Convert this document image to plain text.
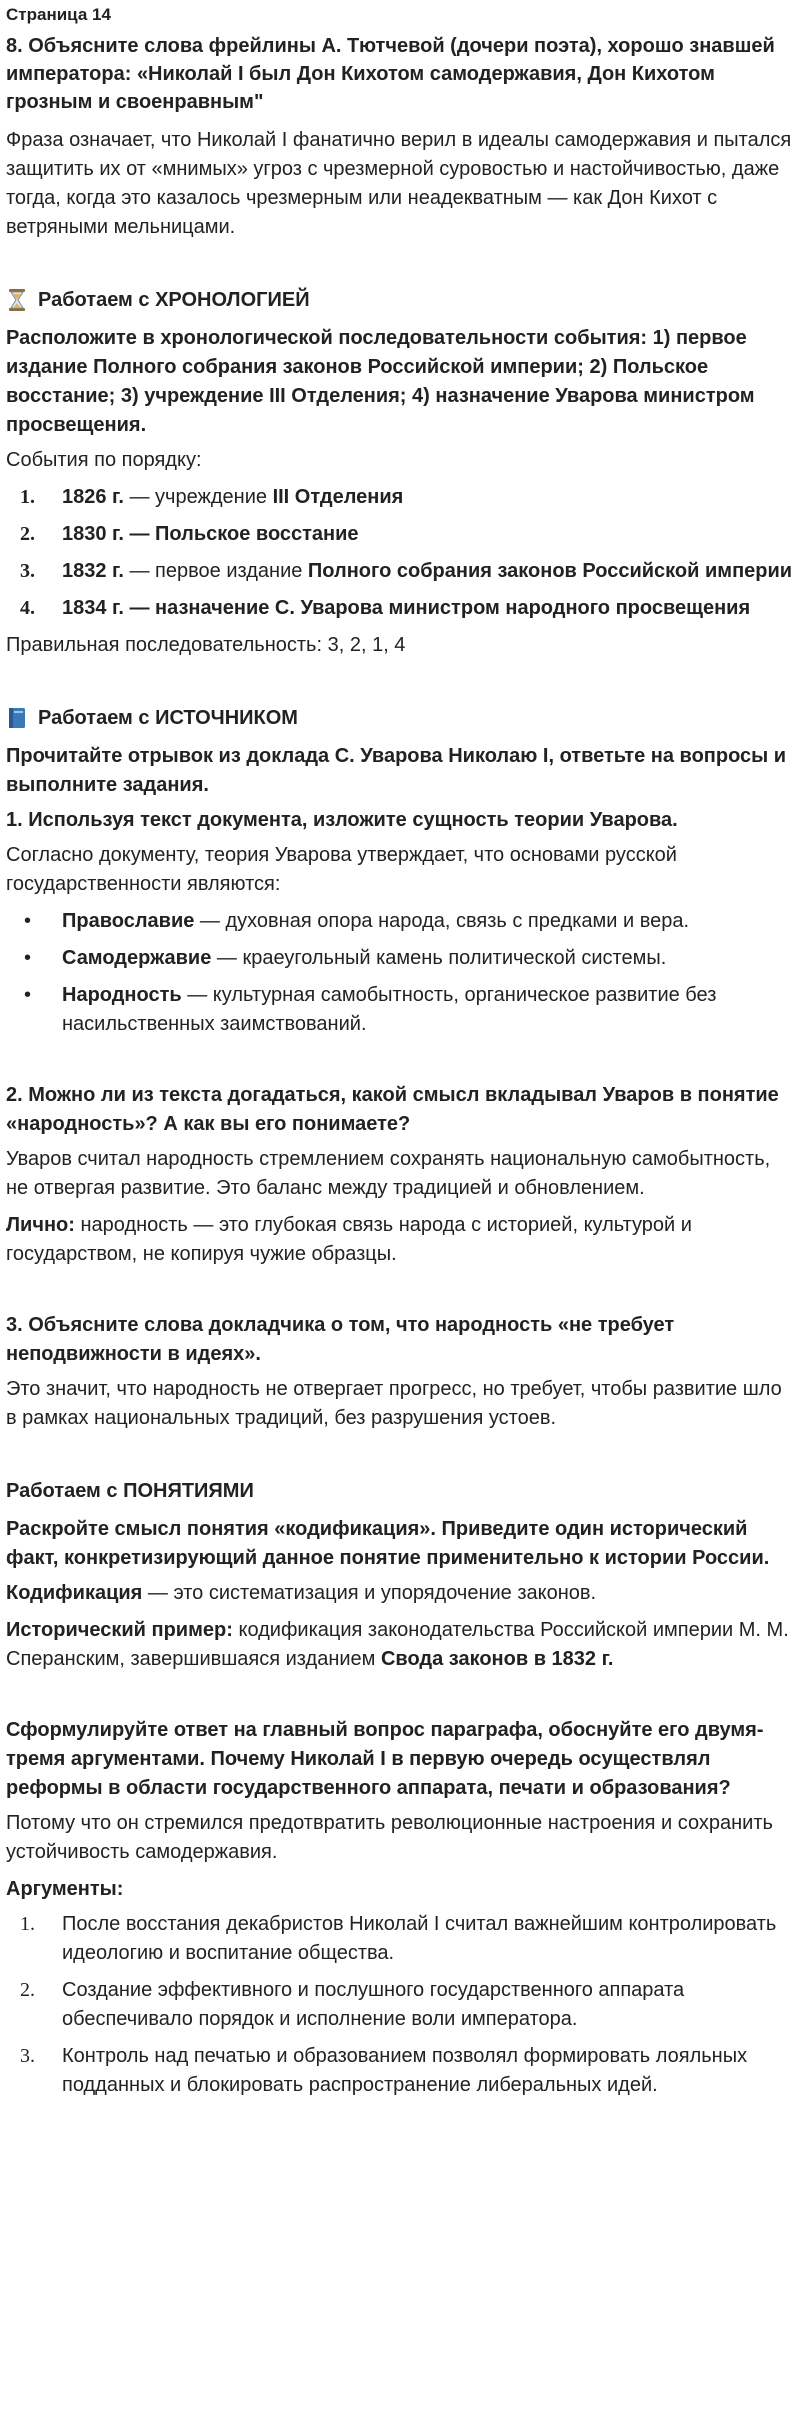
Страница 14
8. Объясните слова фрейлины А. Тютчевой (дочери поэта), хорошо знавшей императора: «Николай I был Дон Кихотом самодержавия, Дон Кихотом грозным и своенравным"
Фраза означает, что Николай I фанатично верил в идеалы самодержавия и пытался защитить их от «мнимых» угроз с чрезмерной суровостью и настойчивостью, даже тогда, когда это казалось чрезмерным или неадекватным — как Дон Кихот с ветряными мельницами.
Работаем с ХРОНОЛОГИЕЙ
Расположите в хронологической последовательности события: 1) первое издание Полного собрания законов Российской империи; 2) Польское восстание; 3) учреждение III Отделения; 4) назначение Уварова министром просвещения.
События по порядку:
1.	1826 г. — учреждение III Отделения
2.	1830 г. — Польское восстание
3.	1832 г. — первое издание Полного собрания законов Российской империи
4.	1834 г. — назначение С. Уварова министром народного просвещения
Правильная последовательность: 3, 2, 1, 4
Работаем с ИСТОЧНИКОМ
Прочитайте отрывок из доклада С. Уварова Николаю I, ответьте на вопросы и выполните задания.
1. Используя текст документа, изложите сущность теории Уварова.
Согласно документу, теория Уварова утверждает, что основами русской государственности являются:
•	Православие — духовная опора народа, связь с предками и вера.
•	Самодержавие — краеугольный камень политической системы.
•	Народность — культурная самобытность, органическое развитие без насильственных заимствований.
2. Можно ли из текста догадаться, какой смысл вкладывал Уваров в понятие «народность»? А как вы его понимаете?
Уваров считал народность стремлением сохранять национальную самобытность, не отвергая развитие. Это баланс между традицией и обновлением.
Лично: народность — это глубокая связь народа с историей, культурой и государством, не копируя чужие образцы.
3. Объясните слова докладчика о том, что народность «не требует неподвижности в идеях».
Это значит, что народность не отвергает прогресс, но требует, чтобы развитие шло в рамках национальных традиций, без разрушения устоев.
Работаем с ПОНЯТИЯМИ
Раскройте смысл понятия «кодификация». Приведите один исторический факт, конкретизирующий данное понятие применительно к истории России.
Кодификация — это систематизация и упорядочение законов.
Исторический пример: кодификация законодательства Российской империи М. М. Сперанским, завершившаяся изданием Свода законов в 1832 г.
Сформулируйте ответ на главный вопрос параграфа, обоснуйте его двумя-тремя аргументами. Почему Николай I в первую очередь осуществлял реформы в области государственного аппарата, печати и образования?
Потому что он стремился предотвратить революционные настроения и сохранить устойчивость самодержавия.
Аргументы:
1.	После восстания декабристов Николай I считал важнейшим контролировать идеологию и воспитание общества.
2.	Создание эффективного и послушного государственного аппарата обеспечивало порядок и исполнение воли императора.
3.	Контроль над печатью и образованием позволял формировать лояльных подданных и блокировать распространение либеральных идей.
